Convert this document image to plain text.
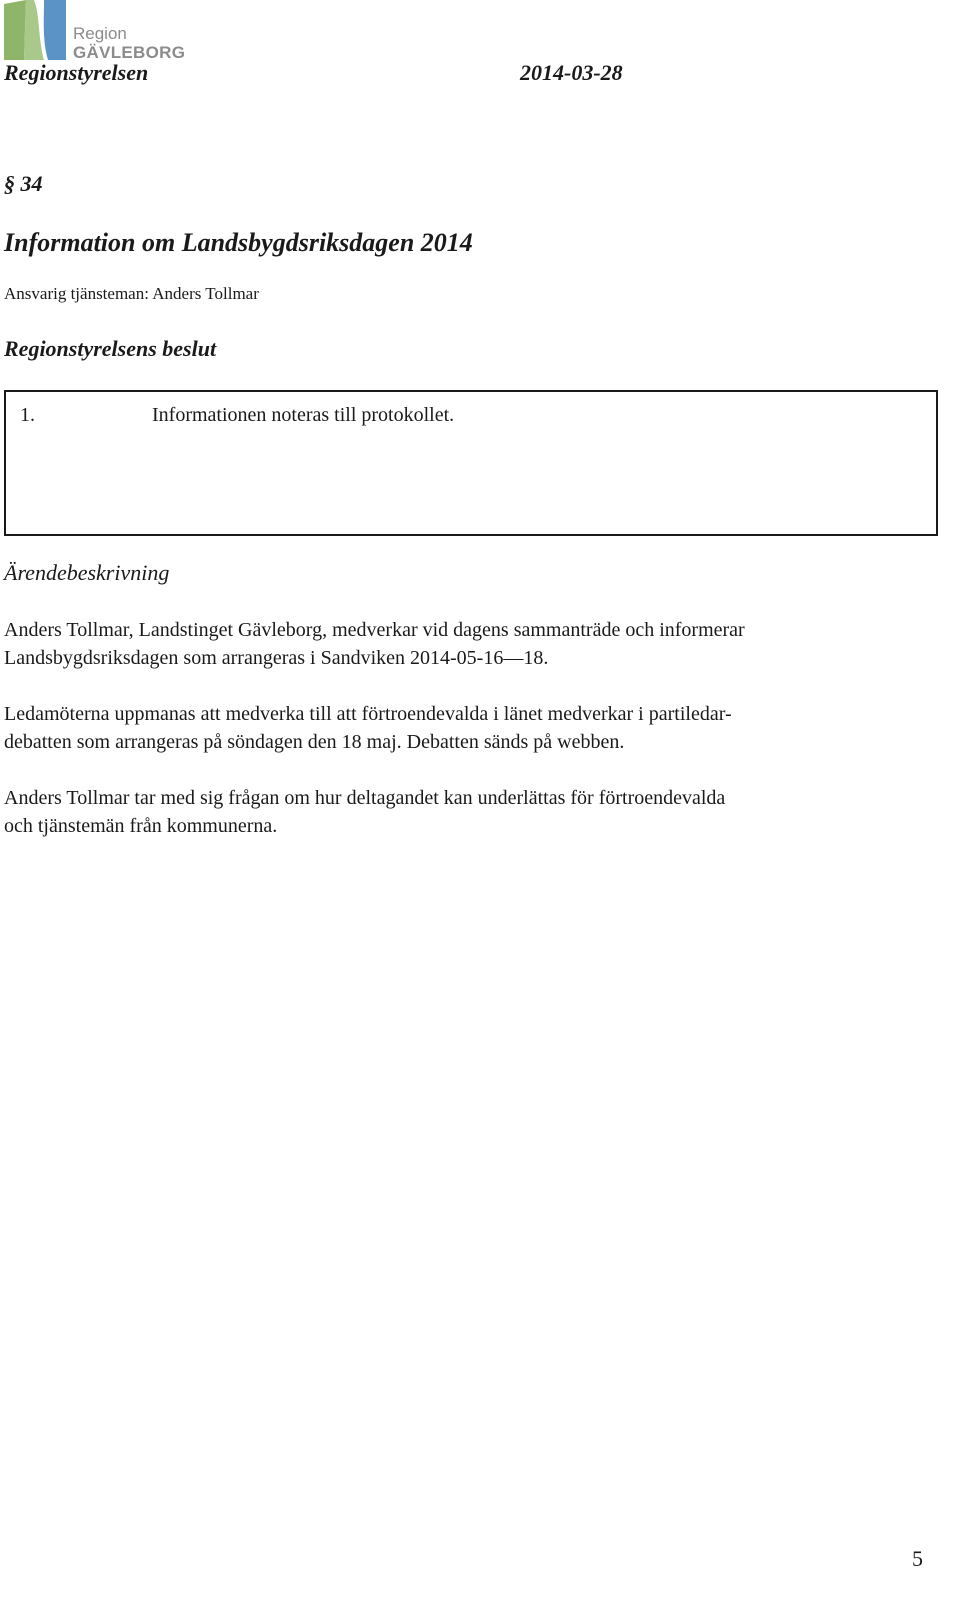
Region
GÄVLEBORG
Regionstyrelsen	2014-03-28
§ 34
Information om Landsbygdsriksdagen 2014
Ansvarig tjänsteman: Anders Tollmar
Regionstyrelsens beslut
1.	Informationen noteras till protokollet.
Ärendebeskrivning

Anders Tollmar, Landstinget Gävleborg, medverkar vid dagens sammanträde och informerar
Landsbygdsriksdagen som arrangeras i Sandviken 2014-05-16—18.

Ledamöterna uppmanas att medverka till att förtroendevalda i länet medverkar i partiledar-
debatten som arrangeras på söndagen den 18 maj. Debatten sänds på webben.

Anders Tollmar tar med sig frågan om hur deltagandet kan underlättas för förtroendevalda
och tjänstemän från kommunerna.

5
